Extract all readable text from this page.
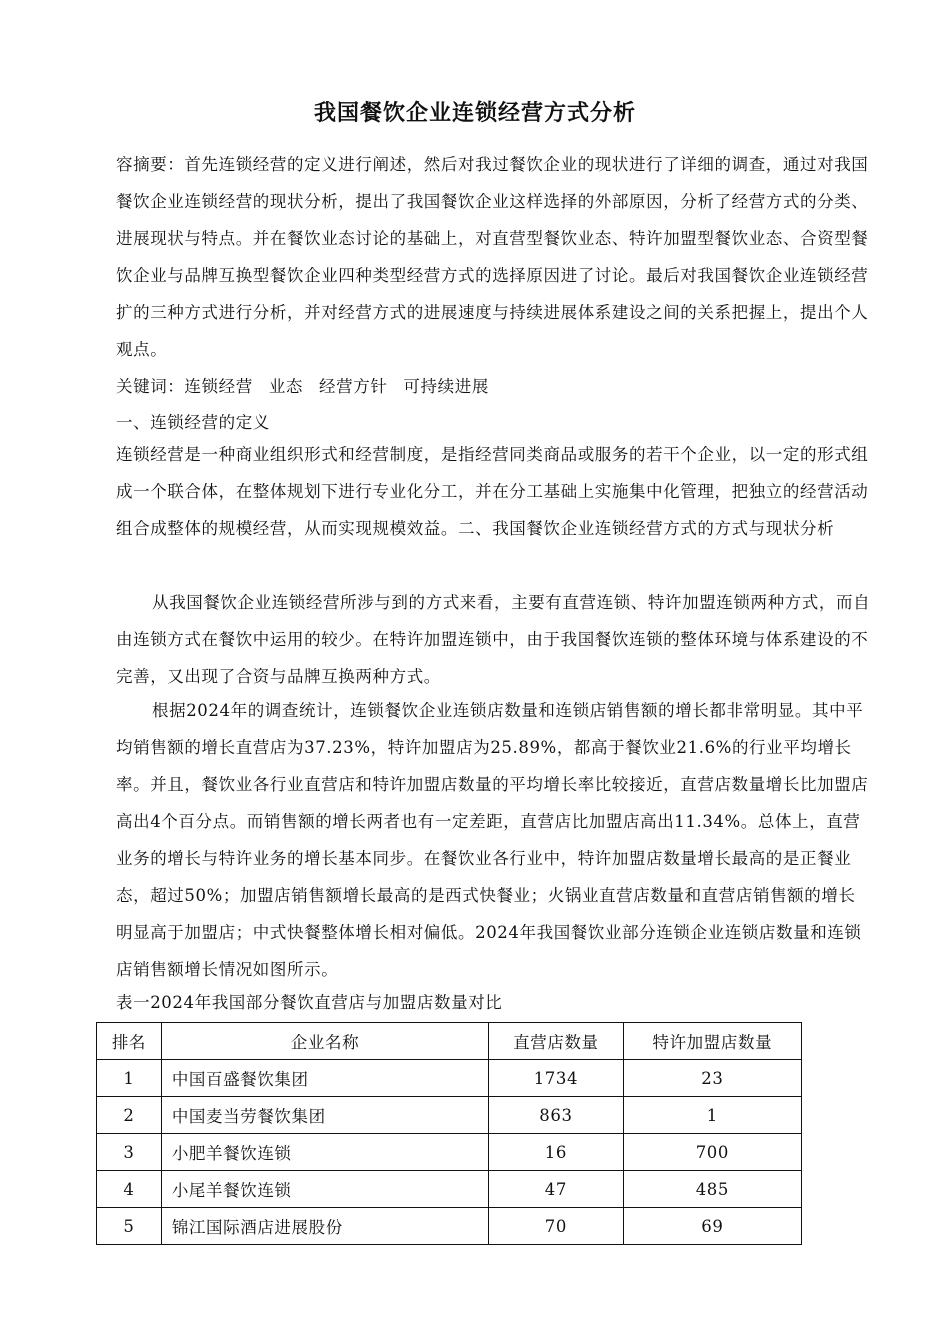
我国餐饮企业连锁经营方式分析
容摘要：首先连锁经营的定义进行阐述，然后对我过餐饮企业的现状进行了详细的调查，通过对我国餐饮企业连锁经营的现状分析，提出了我国餐饮企业这样选择的外部原因，分析了经营方式的分类、进展现状与特点。并在餐饮业态讨论的基础上，对直营型餐饮业态、特许加盟型餐饮业态、合资型餐饮企业与品牌互换型餐饮企业四种类型经营方式的选择原因进了讨论。最后对我国餐饮企业连锁经营扩的三种方式进行分析，并对经营方式的进展速度与持续进展体系建设之间的关系把握上，提出个人观点。
关键词：连锁经营 业态 经营方针 可持续进展
一、连锁经营的定义
连锁经营是一种商业组织形式和经营制度，是指经营同类商品或服务的若干个企业，以一定的形式组成一个联合体，在整体规划下进行专业化分工，并在分工基础上实施集中化管理，把独立的经营活动组合成整体的规模经营，从而实现规模效益。二、我国餐饮企业连锁经营方式的方式与现状分析
从我国餐饮企业连锁经营所涉与到的方式来看，主要有直营连锁、特许加盟连锁两种方式，而自由连锁方式在餐饮中运用的较少。在特许加盟连锁中，由于我国餐饮连锁的整体环境与体系建设的不完善，又出现了合资与品牌互换两种方式。
根据2024年的调查统计，连锁餐饮企业连锁店数量和连锁店销售额的增长都非常明显。其中平均销售额的增长直营店为37.23%，特许加盟店为25.89%，都高于餐饮业21.6%的行业平均增长率。并且，餐饮业各行业直营店和特许加盟店数量的平均增长率比较接近，直营店数量增长比加盟店高出4个百分点。而销售额的增长两者也有一定差距，直营店比加盟店高出11.34%。总体上，直营业务的增长与特许业务的增长基本同步。在餐饮业各行业中，特许加盟店数量增长最高的是正餐业态，超过50%；加盟店销售额增长最高的是西式快餐业；火锅业直营店数量和直营店销售额的增长明显高于加盟店；中式快餐整体增长相对偏低。2024年我国餐饮业部分连锁企业连锁店数量和连锁店销售额增长情况如图所示。
表一2024年我国部分餐饮直营店与加盟店数量对比
排名	企业名称	直营店数量	特许加盟店数量
1	中国百盛餐饮集团	1734	23
2	中国麦当劳餐饮集团	863	1
3	小肥羊餐饮连锁	16	700
4	小尾羊餐饮连锁	47	485
5	锦江国际酒店进展股份	70	69
